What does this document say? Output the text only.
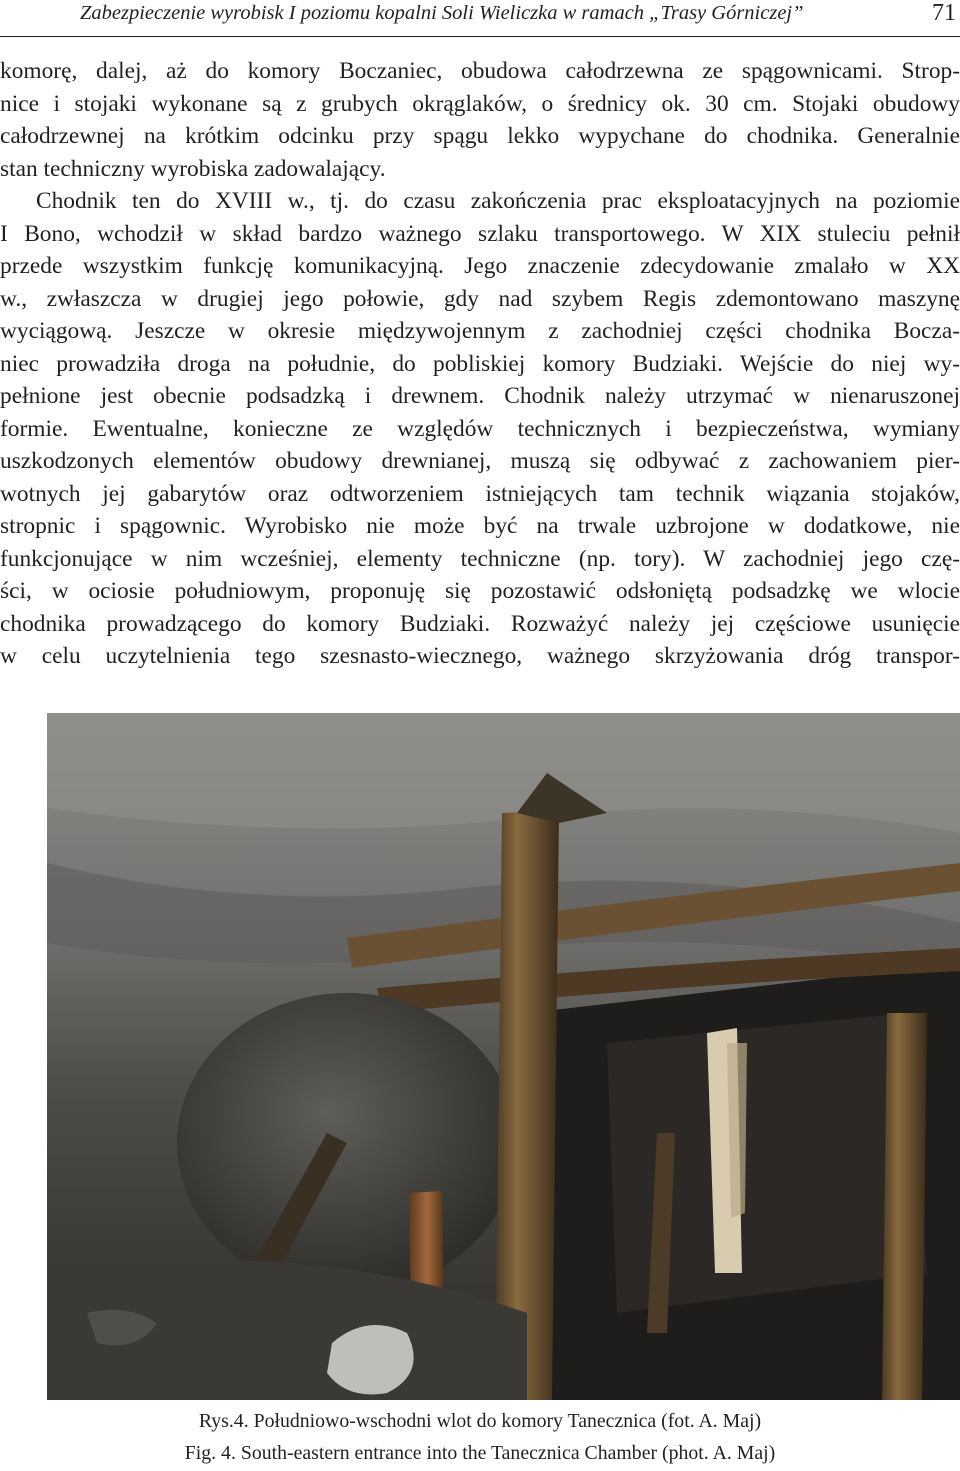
Zabezpieczenie wyrobisk I poziomu kopalni Soli Wieliczka w ramach „Trasy Górniczej”	71
komorę, dalej, aż do komory Boczaniec, obudowa całodrzewna ze spągownicami. Strop-
nice i stojaki wykonane są z grubych okrąglaków, o średnicy ok. 30 cm. Stojaki obudowy
całodrzewnej na krótkim odcinku przy spągu lekko wypychane do chodnika. Generalnie
stan techniczny wyrobiska zadowalający.
Chodnik ten do XVIII w., tj. do czasu zakończenia prac eksploatacyjnych na poziomie
I Bono, wchodził w skład bardzo ważnego szlaku transportowego. W XIX stuleciu pełnił
przede wszystkim funkcję komunikacyjną. Jego znaczenie zdecydowanie zmalało w XX
w., zwłaszcza w drugiej jego połowie, gdy nad szybem Regis zdemontowano maszynę
wyciągową. Jeszcze w okresie międzywojennym z zachodniej części chodnika Bocza-
niec prowadziła droga na południe, do pobliskiej komory Budziaki. Wejście do niej wy-
pełnione jest obecnie podsadzką i drewnem. Chodnik należy utrzymać w nienaruszonej
formie. Ewentualne, konieczne ze względów technicznych i bezpieczeństwa, wymiany
uszkodzonych elementów obudowy drewnianej, muszą się odbywać z zachowaniem pier-
wotnych jej gabarytów oraz odtworzeniem istniejących tam technik wiązania stojaków,
stropnic i spągownic. Wyrobisko nie może być na trwale uzbrojone w dodatkowe, nie
funkcjonujące w nim wcześniej, elementy techniczne (np. tory). W zachodniej jego czę-
ści, w ociosie południowym, proponuję się pozostawić odsłoniętą podsadzkę we wlocie
chodnika prowadzącego do komory Budziaki. Rozważyć należy jej częściowe usunięcie
w celu uczytelnienia tego szesnasto-wiecznego, ważnego skrzyżowania dróg transpor-
Rys.4. Południowo-wschodni wlot do komory Tanecznica (fot. A. Maj)
Fig. 4. South-eastern entrance into the Tanecznica Chamber (phot. A. Maj)
